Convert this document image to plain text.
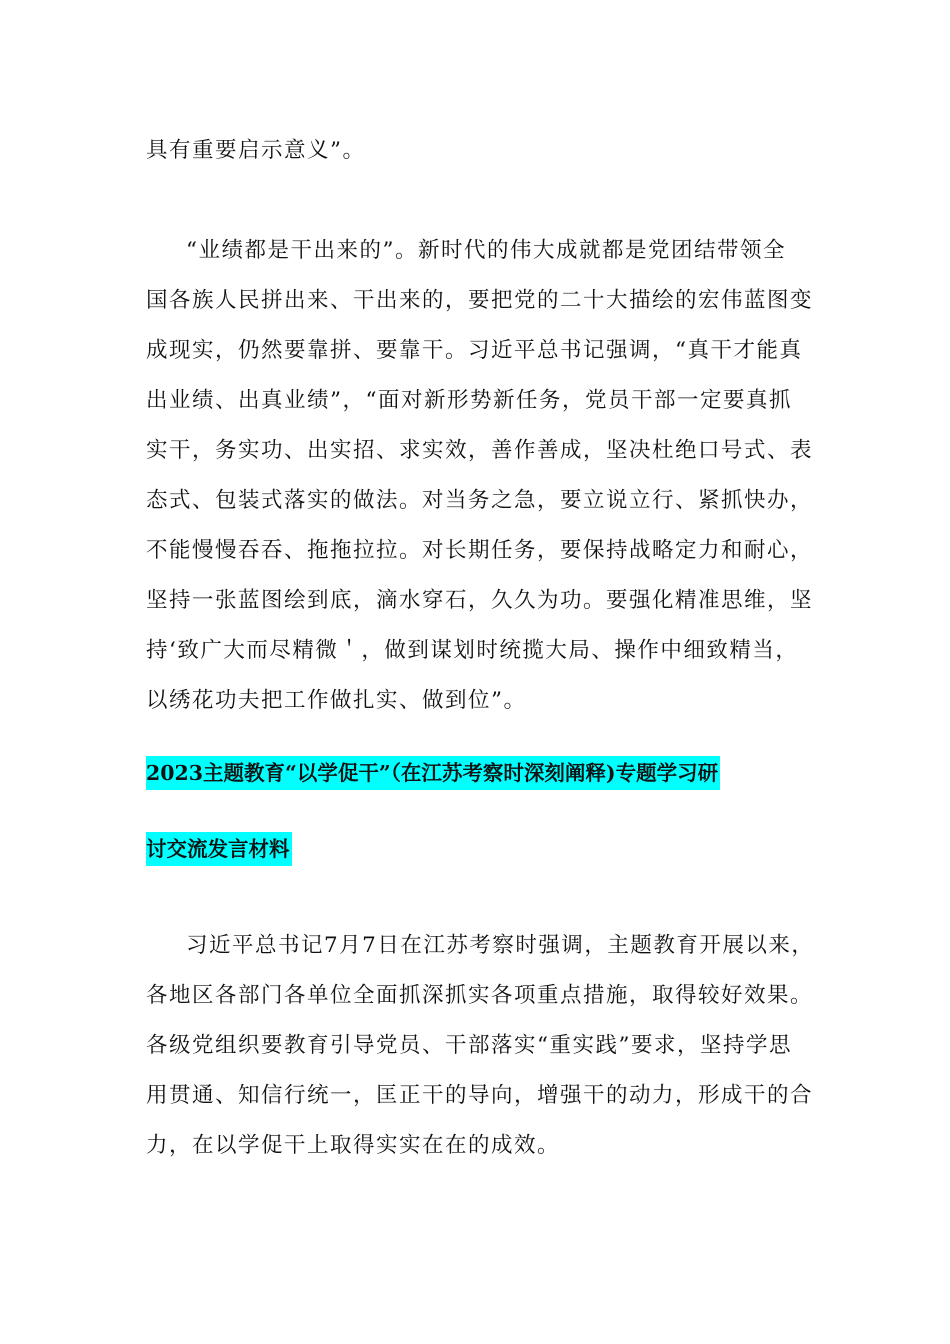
具有重要启示意义”。
“业绩都是干出来的”。新时代的伟大成就都是党团结带领全
国各族人民拼出来、干出来的，要把党的二十大描绘的宏伟蓝图变
成现实，仍然要靠拼、要靠干。习近平总书记强调，“真干才能真
出业绩、出真业绩”，“面对新形势新任务，党员干部一定要真抓
实干，务实功、出实招、求实效，善作善成，坚决杜绝口号式、表
态式、包装式落实的做法。对当务之急，要立说立行、紧抓快办，
不能慢慢吞吞、拖拖拉拉。对长期任务，要保持战略定力和耐心，
坚持一张蓝图绘到底，滴水穿石，久久为功。要强化精准思维，坚
持‘致广大而尽精微＇，做到谋划时统揽大局、操作中细致精当，
以绣花功夫把工作做扎实、做到位”。
2023主题教育“以学促干”（在江苏考察时深刻阐释)专题学习研
讨交流发言材料
习近平总书记7月7日在江苏考察时强调，主题教育开展以来，
各地区各部门各单位全面抓深抓实各项重点措施，取得较好效果。
各级党组织要教育引导党员、干部落实“重实践”要求，坚持学思
用贯通、知信行统一，匡正干的导向，增强干的动力，形成干的合
力，在以学促干上取得实实在在的成效。
